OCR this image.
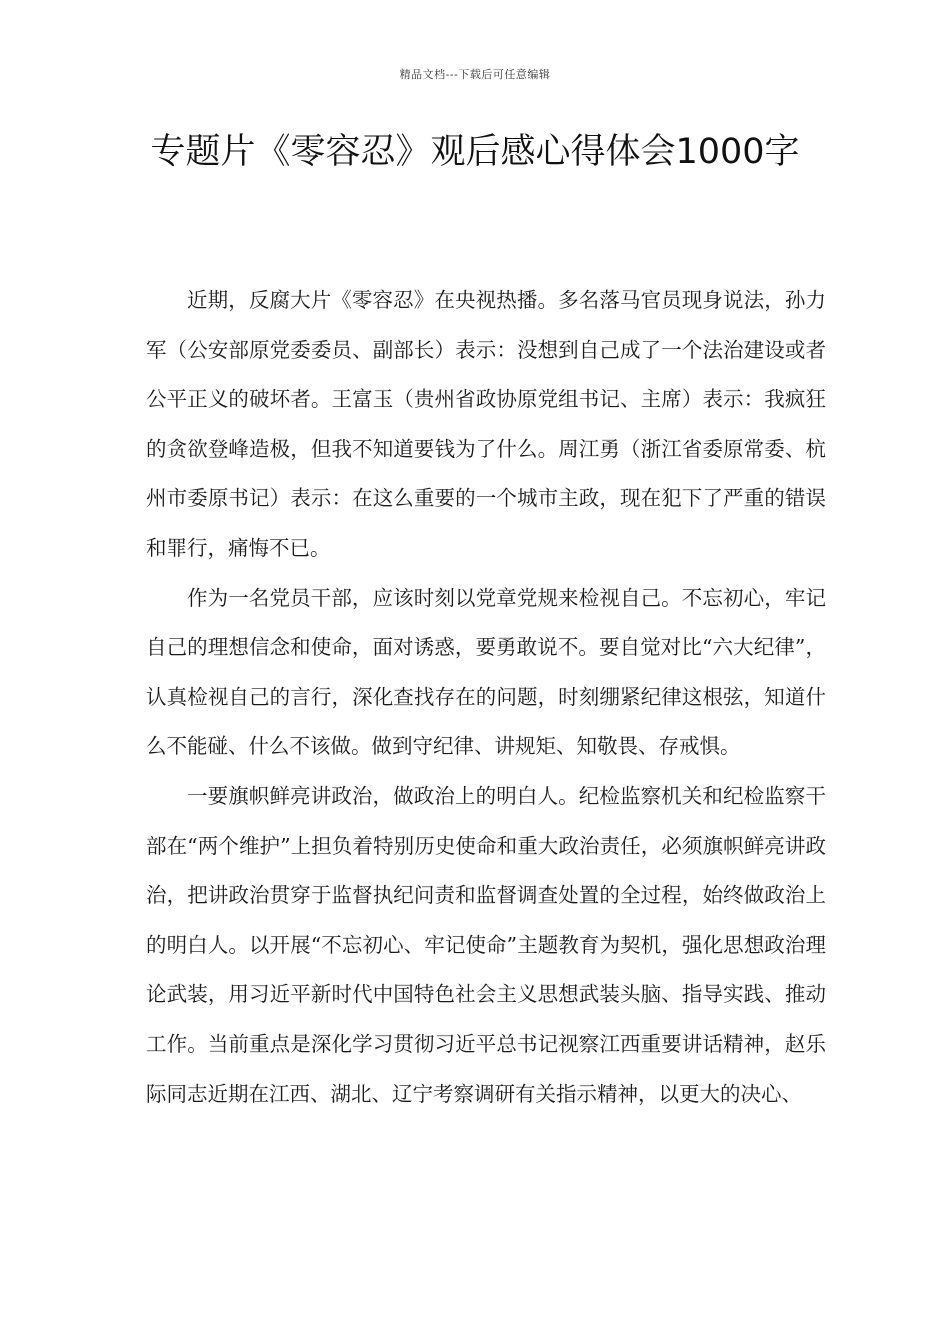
精品文档---下载后可任意编辑
专题片《零容忍》观后感心得体会1000字

近期，反腐大片《零容忍》在央视热播。多名落马官员现身说法，孙力军（公安部原党委委员、副部长）表示：没想到自己成了一个法治建设或者公平正义的破坏者。王富玉（贵州省政协原党组书记、主席）表示：我疯狂的贪欲登峰造极，但我不知道要钱为了什么。周江勇（浙江省委原常委、杭州市委原书记）表示：在这么重要的一个城市主政，现在犯下了严重的错误和罪行，痛悔不已。

作为一名党员干部，应该时刻以党章党规来检视自己。不忘初心，牢记自己的理想信念和使命，面对诱惑，要勇敢说不。要自觉对比“六大纪律”，认真检视自己的言行，深化查找存在的问题，时刻绷紧纪律这根弦，知道什么不能碰、什么不该做。做到守纪律、讲规矩、知敬畏、存戒惧。

一要旗帜鲜亮讲政治，做政治上的明白人。纪检监察机关和纪检监察干部在“两个维护”上担负着特别历史使命和重大政治责任，必须旗帜鲜亮讲政治，把讲政治贯穿于监督执纪问责和监督调查处置的全过程，始终做政治上的明白人。以开展“不忘初心、牢记使命”主题教育为契机，强化思想政治理论武装，用习近平新时代中国特色社会主义思想武装头脑、指导实践、推动工作。当前重点是深化学习贯彻习近平总书记视察江西重要讲话精神，赵乐际同志近期在江西、湖北、辽宁考察调研有关指示精神，以更大的决心、
